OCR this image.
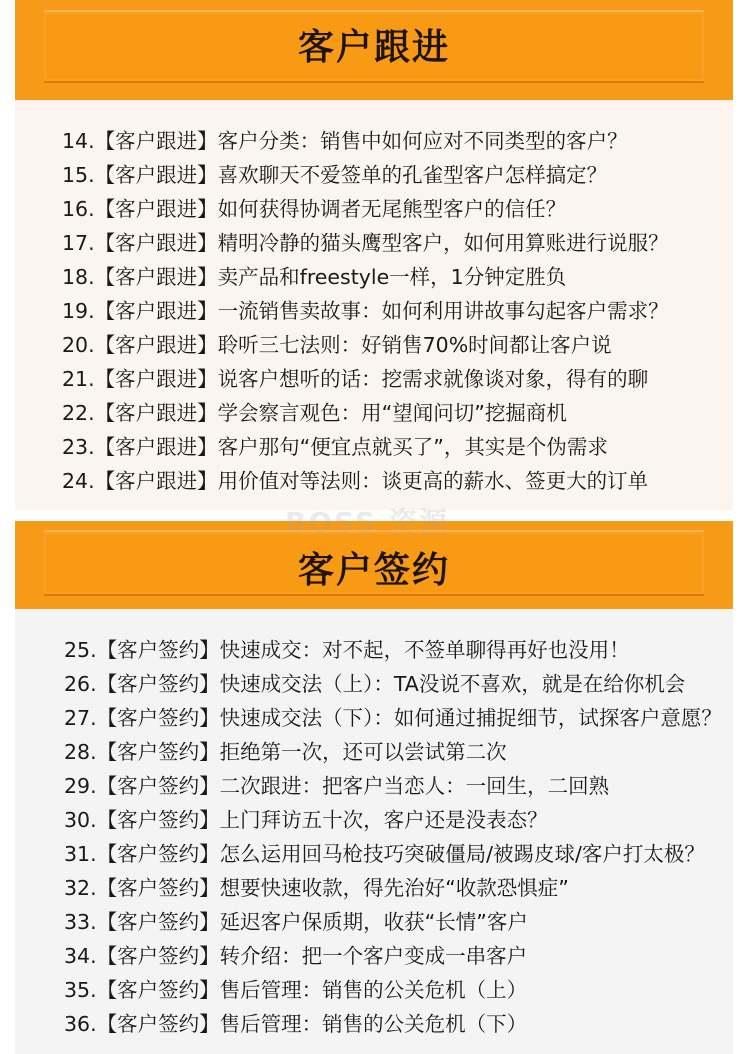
客户跟进
14.【客户跟进】客户分类：销售中如何应对不同类型的客户？
15.【客户跟进】喜欢聊天不爱签单的孔雀型客户怎样搞定？
16.【客户跟进】如何获得协调者无尾熊型客户的信任？
17.【客户跟进】精明冷静的猫头鹰型客户，如何用算账进行说服？
18.【客户跟进】卖产品和freestyle一样，1分钟定胜负
19.【客户跟进】一流销售卖故事：如何利用讲故事勾起客户需求？
20.【客户跟进】聆听三七法则：好销售70%时间都让客户说
21.【客户跟进】说客户想听的话：挖需求就像谈对象，得有的聊
22.【客户跟进】学会察言观色：用“望闻问切”挖掘商机
23.【客户跟进】客户那句“便宜点就买了”，其实是个伪需求
24.【客户跟进】用价值对等法则：谈更高的薪水、签更大的订单
BOSS 资源
客户签约
25.【客户签约】快速成交：对不起，不签单聊得再好也没用！
26.【客户签约】快速成交法（上）：TA没说不喜欢，就是在给你机会
27.【客户签约】快速成交法（下）：如何通过捕捉细节，试探客户意愿？
28.【客户签约】拒绝第一次，还可以尝试第二次
29.【客户签约】二次跟进：把客户当恋人：一回生，二回熟
30.【客户签约】上门拜访五十次，客户还是没表态？
31.【客户签约】怎么运用回马枪技巧突破僵局/被踢皮球/客户打太极？
32.【客户签约】想要快速收款，得先治好“收款恐惧症”
33.【客户签约】延迟客户保质期，收获“长情”客户
34.【客户签约】转介绍：把一个客户变成一串客户
35.【客户签约】售后管理：销售的公关危机（上）
36.【客户签约】售后管理：销售的公关危机（下）
